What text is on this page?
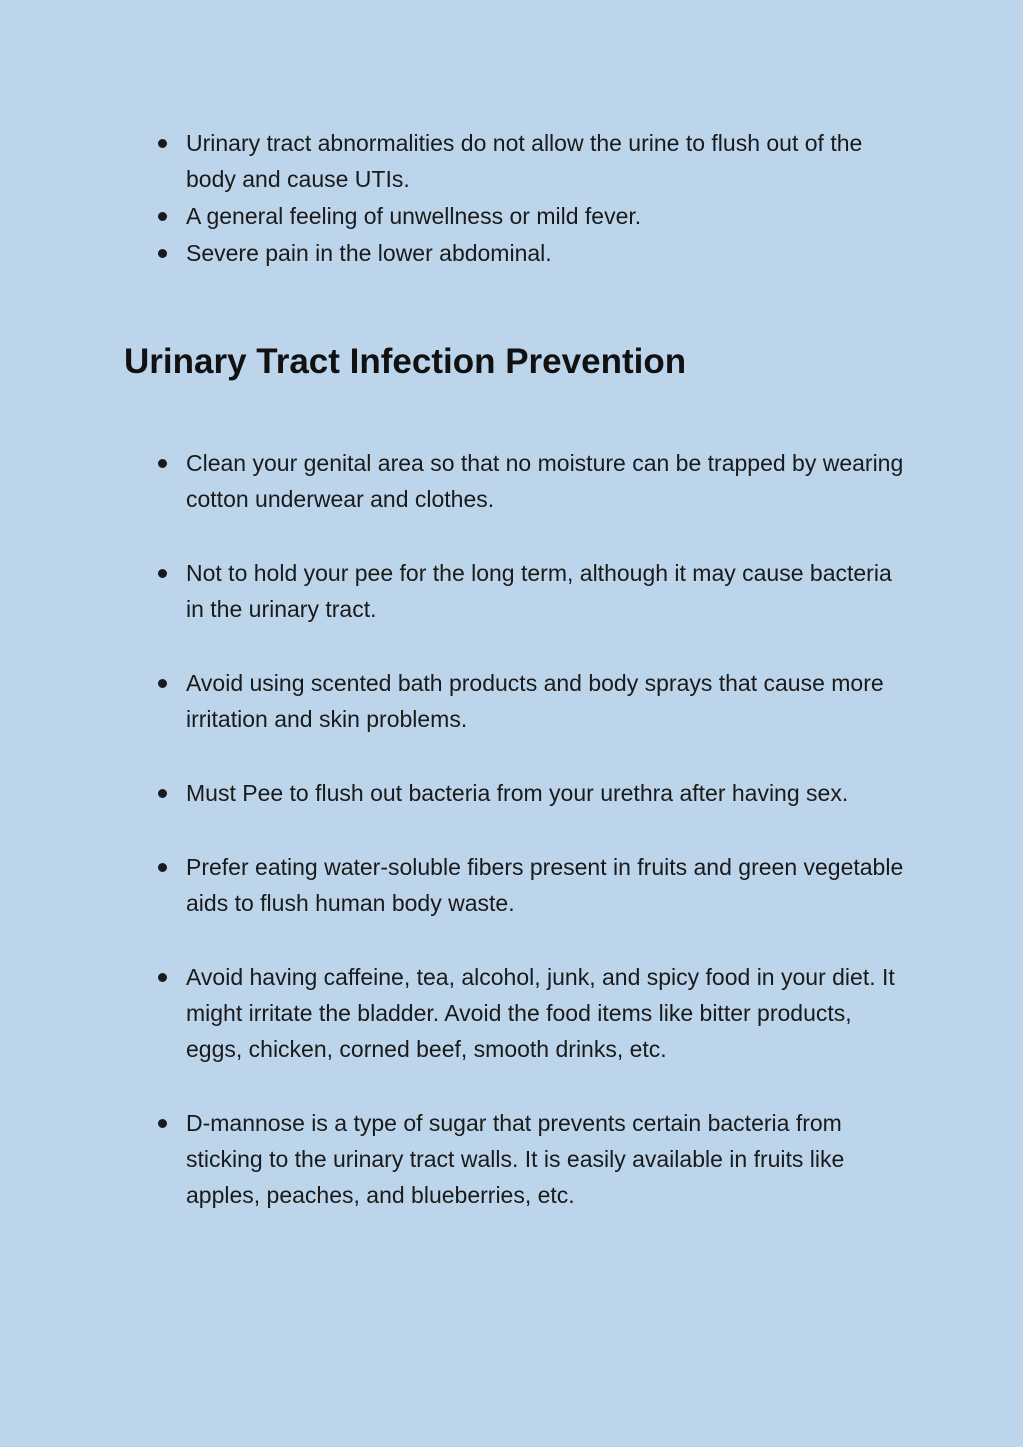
Urinary tract abnormalities do not allow the urine to flush out of the body and cause UTIs.
A general feeling of unwellness or mild fever.
Severe pain in the lower abdominal.
Urinary Tract Infection Prevention
Clean your genital area so that no moisture can be trapped by wearing cotton underwear and clothes.
Not to hold your pee for the long term, although it may cause bacteria in the urinary tract.
Avoid using scented bath products and body sprays that cause more irritation and skin problems.
Must Pee to flush out bacteria from your urethra after having sex.
Prefer eating water-soluble fibers present in fruits and green vegetable aids to flush human body waste.
Avoid having caffeine, tea, alcohol, junk, and spicy food in your diet. It might irritate the bladder. Avoid the food items like bitter products, eggs, chicken, corned beef, smooth drinks, etc.
D-mannose is a type of sugar that prevents certain bacteria from sticking to the urinary tract walls. It is easily available in fruits like apples, peaches, and blueberries, etc.
